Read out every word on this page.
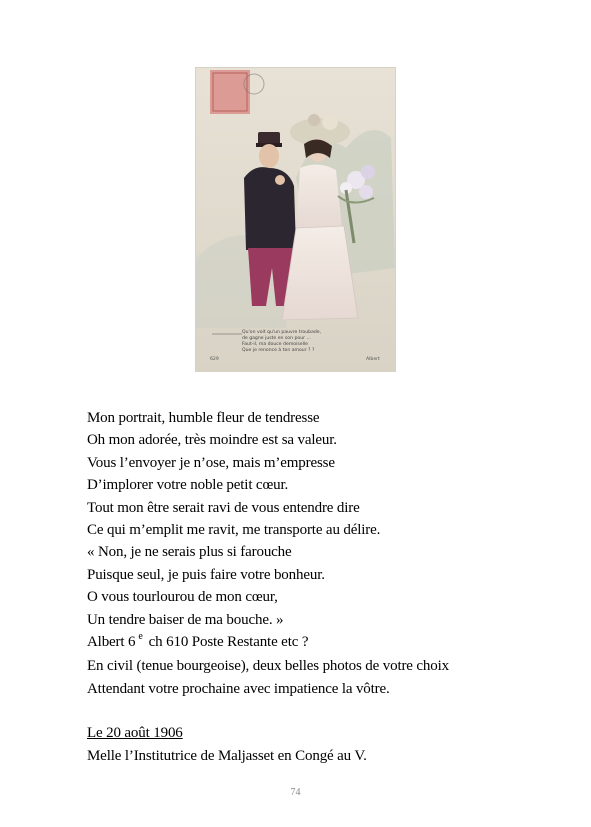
Qu'on voit qu'un pauvre troubade,
de gagne juste en son pour ...
Faut-il, ma douce demoiselle
Que je renonce à ton amour ? ?
629	Albert
Mon portrait, humble fleur de tendresse
Oh mon adorée, très moindre est sa valeur.
Vous l’envoyer je n’ose, mais m’empresse
D’implorer votre noble petit cœur.
Tout mon être serait ravi de vous entendre dire
Ce qui m’emplit me ravit, me transporte au délire.
« Non, je ne serais plus si farouche
Puisque seul, je puis faire votre bonheur.
O vous tourlourou de mon cœur,
Un tendre baiser de ma bouche. »
Albert 6 $^e$ ch 610 Poste Restante etc ?
En civil (tenue bourgeoise), deux belles photos de votre choix
Attendant votre prochaine avec impatience la vôtre.
Le 20 août 1906
Melle l’Institutrice de Maljasset en Congé au V.
74
